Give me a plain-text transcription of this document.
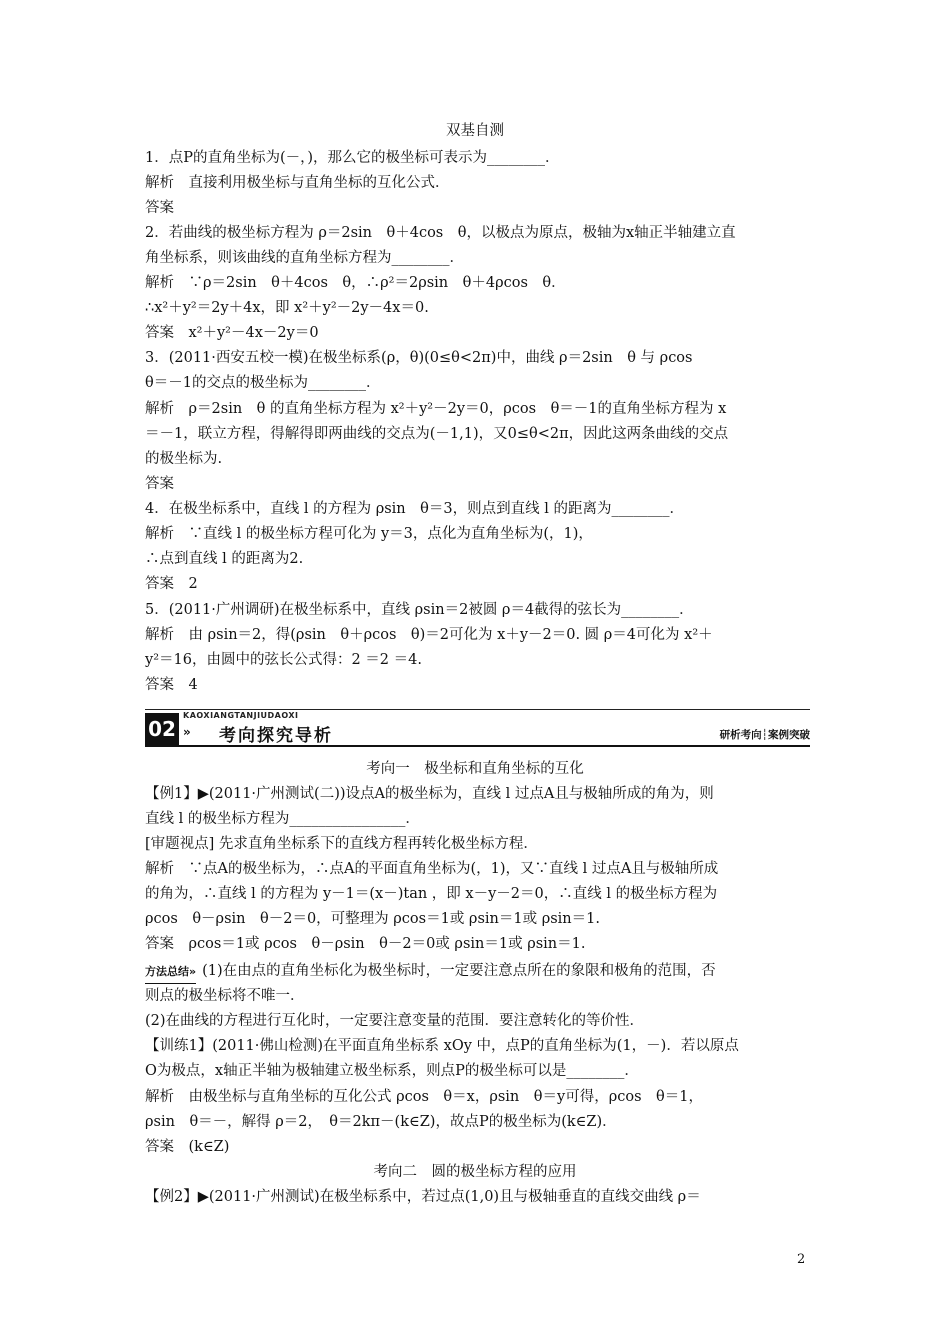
双基自测
1．点P的直角坐标为(－，)，那么它的极坐标可表示为________．
解析　直接利用极坐标与直角坐标的互化公式．
答案
2．若曲线的极坐标方程为 ρ＝2sin　θ＋4cos　θ，以极点为原点，极轴为x轴正半轴建立直
角坐标系，则该曲线的直角坐标方程为________．
解析　∵ρ＝2sin　θ＋4cos　θ，∴ρ²＝2ρsin　θ＋4ρcos　θ．
∴x²＋y²＝2y＋4x，即 x²＋y²－2y－4x＝0.
答案　x²＋y²－4x－2y＝0
3．(2011·西安五校一模)在极坐标系(ρ，θ)(0≤θ<2π)中，曲线 ρ＝2sin　θ 与 ρcos
θ＝－1的交点的极坐标为________．
解析　ρ＝2sin　θ 的直角坐标方程为 x²＋y²－2y＝0，ρcos　θ＝－1的直角坐标方程为 x
＝－1，联立方程，得解得即两曲线的交点为(－1,1)，又0≤θ<2π，因此这两条曲线的交点
的极坐标为.
答案
4．在极坐标系中，直线 l 的方程为 ρsin　θ＝3，则点到直线 l 的距离为________．
解析　∵直线 l 的极坐标方程可化为 y＝3，点化为直角坐标为(，1)，
∴点到直线 l 的距离为2.
答案　2
5．(2011·广州调研)在极坐标系中，直线 ρsin＝2被圆 ρ＝4截得的弦长为________．
解析　由 ρsin＝2，得(ρsin　θ＋ρcos　θ)＝2可化为 x＋y－2＝0. 圆 ρ＝4可化为 x²＋
y²＝16，由圆中的弦长公式得：2 ＝2 ＝4.
答案　4
02
KAOXIANGTANJIUDAOXI
» 考向探究导析	研析考向┆案例突破
考向一　极坐标和直角坐标的互化
【例1】▶(2011·广州测试(二))设点A的极坐标为，直线 l 过点A且与极轴所成的角为，则
直线 l 的极坐标方程为________________．
[审题视点] 先求直角坐标系下的直线方程再转化极坐标方程．
解析　∵点A的极坐标为，∴点A的平面直角坐标为(，1)，又∵直线 l 过点A且与极轴所成
的角为，∴直线 l 的方程为 y－1＝(x－)tan ，即 x－y－2＝0，∴直线 l 的极坐标方程为
ρcos　θ－ρsin　θ－2＝0，可整理为 ρcos＝1或 ρsin＝1或 ρsin＝1.
答案　ρcos＝1或 ρcos　θ－ρsin　θ－2＝0或 ρsin＝1或 ρsin＝1.
方法总结» (1)在由点的直角坐标化为极坐标时，一定要注意点所在的象限和极角的范围，否
则点的极坐标将不唯一．
(2)在曲线的方程进行互化时，一定要注意变量的范围．要注意转化的等价性．
【训练1】(2011·佛山检测)在平面直角坐标系 xOy 中，点P的直角坐标为(1，－)．若以原点
O为极点，x轴正半轴为极轴建立极坐标系，则点P的极坐标可以是________．
解析　由极坐标与直角坐标的互化公式 ρcos　θ＝x，ρsin　θ＝y可得，ρcos　θ＝1，
ρsin　θ＝－，解得 ρ＝2，　θ＝2kπ－(k∈Z)，故点P的极坐标为(k∈Z)．
答案　(k∈Z)
考向二　圆的极坐标方程的应用
【例2】▶(2011·广州测试)在极坐标系中，若过点(1,0)且与极轴垂直的直线交曲线 ρ＝
2
